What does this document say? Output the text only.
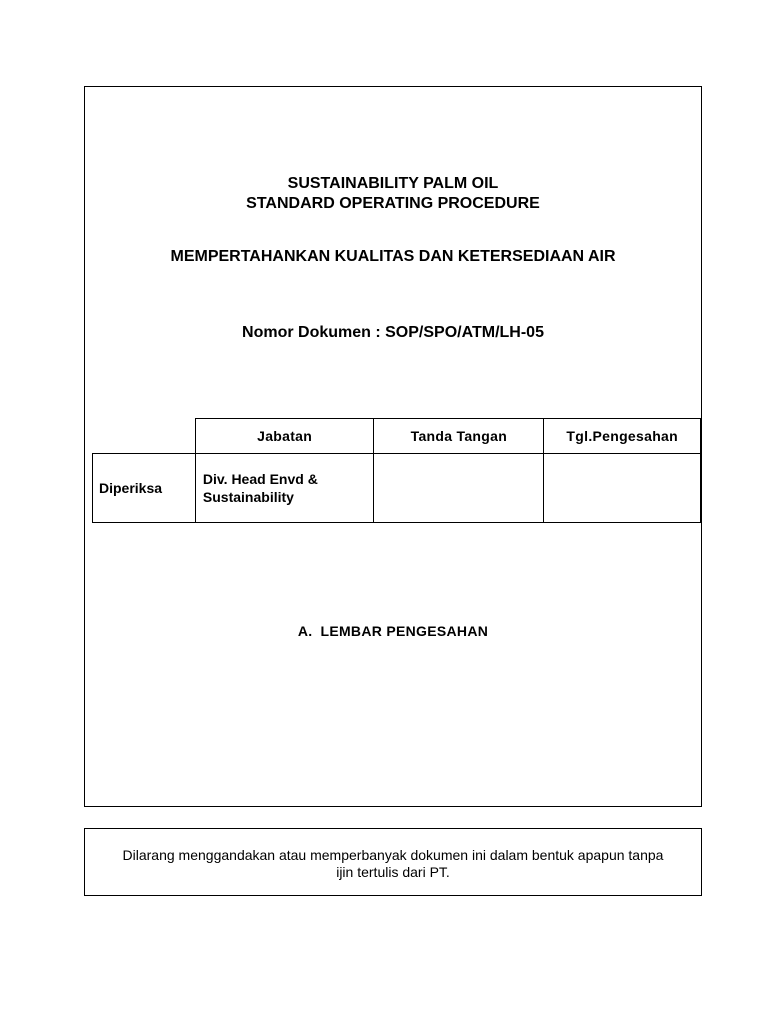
SUSTAINABILITY PALM OIL
STANDARD OPERATING PROCEDURE
MEMPERTAHANKAN KUALITAS DAN KETERSEDIAAN AIR
Nomor Dokumen : SOP/SPO/ATM/LH-05
	Jabatan	Tanda Tangan	Tgl.Pengesahan
Diperiksa	Div. Head Envd &
Sustainability		

A. LEMBAR PENGESAHAN
Dilarang menggandakan atau memperbanyak dokumen ini dalam bentuk apapun tanpa
ijin tertulis dari PT.
